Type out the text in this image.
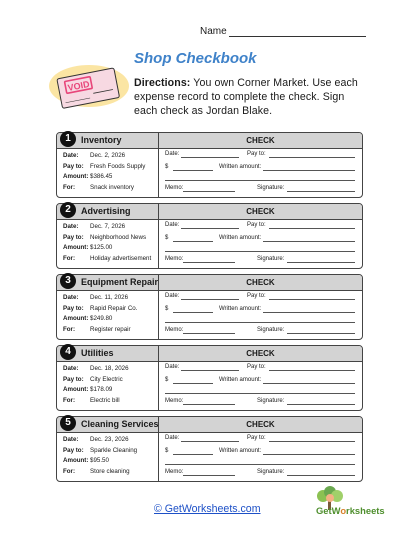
Name
Shop Checkbook
VOID	Directions: You own Corner Market. Use each expense record to complete the check. Sign each check as Jordan Blake.
1	Inventory
Date: Dec. 2, 2026
Pay to: Fresh Foods Supply
Amount: $386.45
For: Snack inventory
CHECK
Date:	Pay to:
$	Written amount:
Memo:	Signature:
2	Advertising
Date: Dec. 7, 2026
Pay to: Neighborhood News
Amount: $125.00
For: Holiday advertisement
CHECK
Date:	Pay to:
$	Written amount:
Memo:	Signature:
3	Equipment Repair
Date: Dec. 11, 2026
Pay to: Rapid Repair Co.
Amount: $249.80
For: Register repair
CHECK
Date:	Pay to:
$	Written amount:
Memo:	Signature:
4	Utilities
Date: Dec. 18, 2026
Pay to: City Electric
Amount: $178.09
For: Electric bill
CHECK
Date:	Pay to:
$	Written amount:
Memo:	Signature:
5	Cleaning Services
Date: Dec. 23, 2026
Pay to: Sparkle Cleaning
Amount: $95.50
For: Store cleaning
CHECK
Date:	Pay to:
$	Written amount:
Memo:	Signature:
© GetWorksheets.com	GetWorksheets
